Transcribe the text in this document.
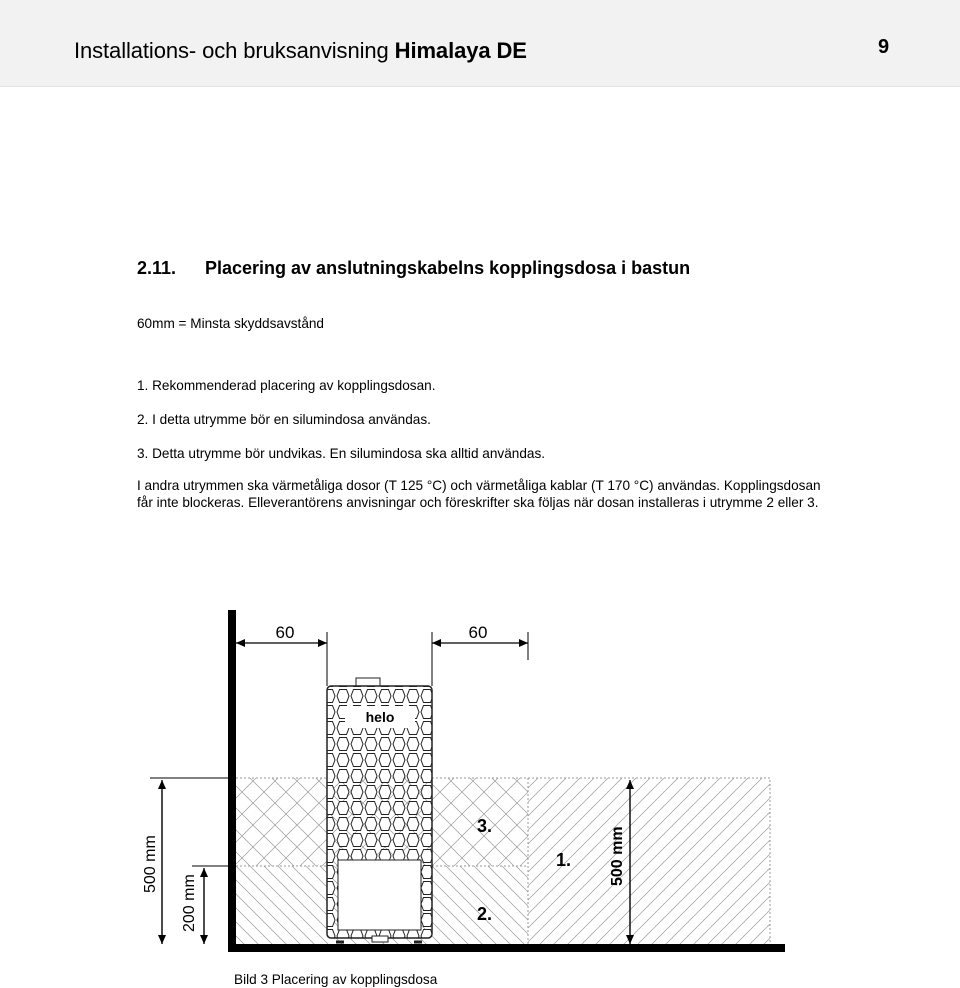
Installations- och bruksanvisning Himalaya DE	9
2.11. Placering av anslutningskabelns kopplingsdosa i bastun
60mm = Minsta skyddsavstånd
1. Rekommenderad placering av kopplingsdosan.
2. I detta utrymme bör en silumindosa användas.
3. Detta utrymme bör undvikas. En silumindosa ska alltid användas.
I andra utrymmen ska värmetåliga dosor (T 125 °C) och värmetåliga kablar (T 170 °C) användas. Kopplingsdosan
får inte blockeras. Elleverantörens anvisningar och föreskrifter ska följas när dosan installeras i utrymme 2 eller 3.
helo
60	60
500 mm
200 mm
500 mm
3.
2.
1.
Bild 3 Placering av kopplingsdosa
